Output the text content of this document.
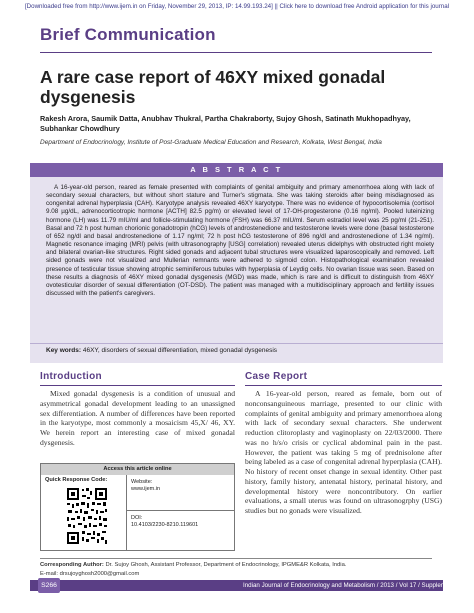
[Downloaded free from http://www.ijem.in on Friday, November 29, 2013, IP: 14.99.193.24] || Click here to download free Android application for this journal
Brief Communication
A rare case report of 46XY mixed gonadal dysgenesis
Rakesh Arora, Saumik Datta, Anubhav Thukral, Partha Chakraborty, Sujoy Ghosh, Satinath Mukhopadhyay, Subhankar Chowdhury
Department of Endocrinology, Institute of Post-Graduate Medical Education and Research, Kolkata, West Bengal, India
A B S T R A C T

A 16-year-old person, reared as female presented with complaints of genital ambiguity and primary amenorrhoea along with lack of secondary sexual characters, but without short stature and Turner's stigmata. She was taking steroids after being misdiagnosed as congenital adrenal hyperplasia (CAH). Karyotype analysis revealed 46XY karyotype. There was no evidence of hypocortisolemia (cortisol 9.08 µg/dL, adrenocorticotropic hormone [ACTH] 82.5 pg/m) or elevated level of 17-OH-progesterone (0.16 ng/ml). Pooled luteinizing hormone (LH) was 11.79 mIU/ml and follicle-stimulating hormone (FSH) was 66.37 mIU/ml. Serum estradiol level was 25 pg/ml (21-251). Basal and 72 h post human chorionic gonadotropin (hCG) levels of androstenedione and testosterone levels were done (basal testosterone of 652 ng/dl and basal androstenedione of 1.17 ng/ml; 72 h post hCG testosterone of 896 ng/dl and androstenedione of 1.34 ng/ml). Magnetic resonance imaging (MRI) pelvis (with ultrasonography [USG] correlation) revealed uterus didelphys with obstructed right moiety and bilateral ovarian-like structures. Right sided gonads and adjacent tubal structures were visualized laparoscopically and removed. Left sided gonads were not visualized and Mullerian remnants were adhered to sigmoid colon. Histopathological examination revealed presence of testicular tissue showing atrophic seminiferous tubules with hyperplasia of Leydig cells. No ovarian tissue was seen. Based on these results a diagnosis of 46XY mixed gonadal dysgenesis (MGD) was made, which is rare and is difficult to distinguish from 46XY ovotesticular disorder of sexual differentiation (OT-DSD). The patient was managed with a multidisciplinary approach and fertility issues discussed with the patient's caregivers.

Key words: 46XY, disorders of sexual differentiation, mixed gonadal dysgenesis
Introduction

Mixed gonadal dysgenesis is a condition of unusual and asymmetrical gonadal development leading to an unassigned sex differentiation. A number of differences have been reported in the karyotype, most commonly a mosaicism 45,X/ 46, XY. We herein report an interesting case of mixed gonadal dysgenesis.

Case Report

A 16-year-old person, reared as female, born out of nonconsanguineous marriage, presented to our clinic with complaints of genital ambiguity and primary amenorrhoea along with lack of secondary sexual characters. She underwent reduction clitoroplasty and vaginoplasty on 22/03/2000. There was no h/s/o crisis or cyclical abdominal pain in the past. However, the patient was taking 5 mg of prednisolone after being labeled as a case of congenital adrenal hyperplasia (CAH). No history of recent onset change in sexual identity. Other past history, family history, antenatal history, perinatal history, and developmental history were noncontributory. On earlier evaluations, a small uterus was found on ultrasonogrphy (USG) studies but no gonads were visualized.

Access this article online
Quick Response Code:	Website:
www.ijem.in
DOI:
10.4103/2230-8210.119601
Corresponding Author: Dr. Sujoy Ghosh, Assistant Professor, Department of Endocrinology, IPGME&R Kolkata, India.
E-mail: drsujoyghosh2000@gmail.com
S266	Indian Journal of Endocrinology and Metabolism / 2013 / Vol 17 / Supplement 1
